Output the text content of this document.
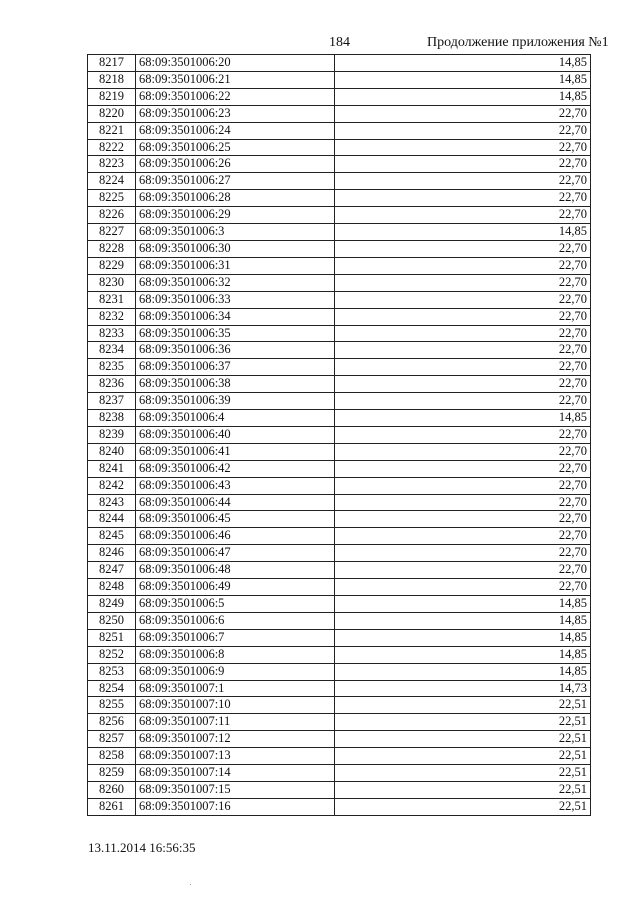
184	Продолжение приложения №1
8217	68:09:3501006:20	14,85
8218	68:09:3501006:21	14,85
8219	68:09:3501006:22	14,85
8220	68:09:3501006:23	22,70
8221	68:09:3501006:24	22,70
8222	68:09:3501006:25	22,70
8223	68:09:3501006:26	22,70
8224	68:09:3501006:27	22,70
8225	68:09:3501006:28	22,70
8226	68:09:3501006:29	22,70
8227	68:09:3501006:3	14,85
8228	68:09:3501006:30	22,70
8229	68:09:3501006:31	22,70
8230	68:09:3501006:32	22,70
8231	68:09:3501006:33	22,70
8232	68:09:3501006:34	22,70
8233	68:09:3501006:35	22,70
8234	68:09:3501006:36	22,70
8235	68:09:3501006:37	22,70
8236	68:09:3501006:38	22,70
8237	68:09:3501006:39	22,70
8238	68:09:3501006:4	14,85
8239	68:09:3501006:40	22,70
8240	68:09:3501006:41	22,70
8241	68:09:3501006:42	22,70
8242	68:09:3501006:43	22,70
8243	68:09:3501006:44	22,70
8244	68:09:3501006:45	22,70
8245	68:09:3501006:46	22,70
8246	68:09:3501006:47	22,70
8247	68:09:3501006:48	22,70
8248	68:09:3501006:49	22,70
8249	68:09:3501006:5	14,85
8250	68:09:3501006:6	14,85
8251	68:09:3501006:7	14,85
8252	68:09:3501006:8	14,85
8253	68:09:3501006:9	14,85
8254	68:09:3501007:1	14,73
8255	68:09:3501007:10	22,51
8256	68:09:3501007:11	22,51
8257	68:09:3501007:12	22,51
8258	68:09:3501007:13	22,51
8259	68:09:3501007:14	22,51
8260	68:09:3501007:15	22,51
8261	68:09:3501007:16	22,51
13.11.2014 16:56:35
